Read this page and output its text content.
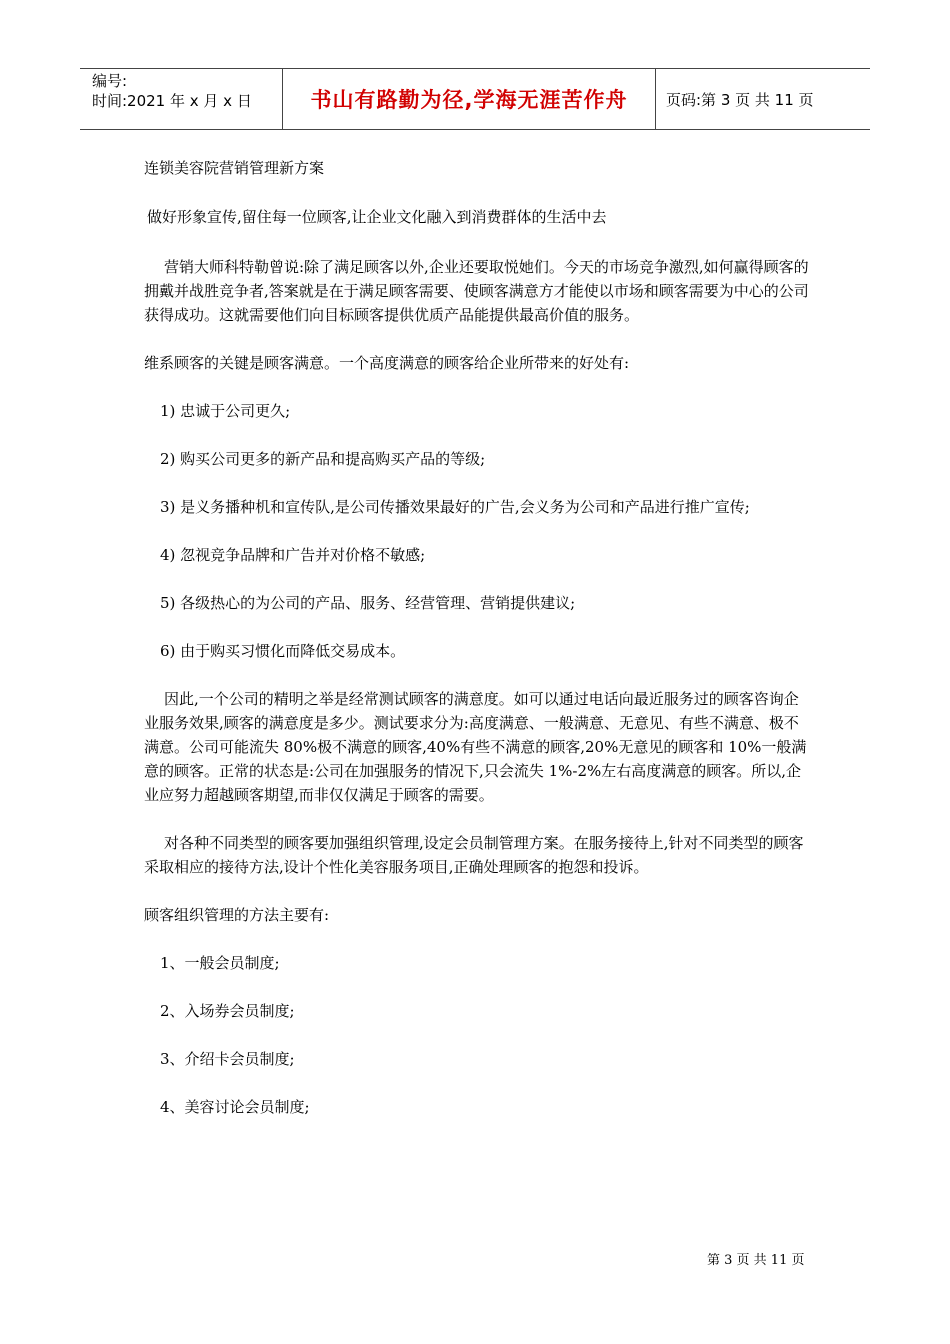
编号:
时间:2021 年 x 月 x 日	书山有路勤为径,学海无涯苦作舟	页码:第 3 页 共 11 页

连锁美容院营销管理新方案

做好形象宣传,留住每一位顾客,让企业文化融入到消费群体的生活中去

营销大师科特勒曾说:除了满足顾客以外,企业还要取悦她们。今天的市场竞争激烈,如何赢得顾客的拥戴并战胜竞争者,答案就是在于满足顾客需要、使顾客满意方才能使以市场和顾客需要为中心的公司获得成功。这就需要他们向目标顾客提供优质产品能提供最高价值的服务。

维系顾客的关键是顾客满意。一个高度满意的顾客给企业所带来的好处有:

1) 忠诚于公司更久;

2) 购买公司更多的新产品和提高购买产品的等级;

3) 是义务播种机和宣传队,是公司传播效果最好的广告,会义务为公司和产品进行推广宣传;

4) 忽视竞争品牌和广告并对价格不敏感;

5) 各级热心的为公司的产品、服务、经营管理、营销提供建议;

6) 由于购买习惯化而降低交易成本。

因此,一个公司的精明之举是经常测试顾客的满意度。如可以通过电话向最近服务过的顾客咨询企业服务效果,顾客的满意度是多少。测试要求分为:高度满意、一般满意、无意见、有些不满意、极不满意。公司可能流失 80%极不满意的顾客,40%有些不满意的顾客,20%无意见的顾客和 10%一般满意的顾客。正常的状态是:公司在加强服务的情况下,只会流失 1%-2%左右高度满意的顾客。所以,企业应努力超越顾客期望,而非仅仅满足于顾客的需要。

对各种不同类型的顾客要加强组织管理,设定会员制管理方案。在服务接待上,针对不同类型的顾客采取相应的接待方法,设计个性化美容服务项目,正确处理顾客的抱怨和投诉。

顾客组织管理的方法主要有:

1、一般会员制度;

2、入场券会员制度;

3、介绍卡会员制度;

4、美容讨论会员制度;

第 3 页 共 11 页
